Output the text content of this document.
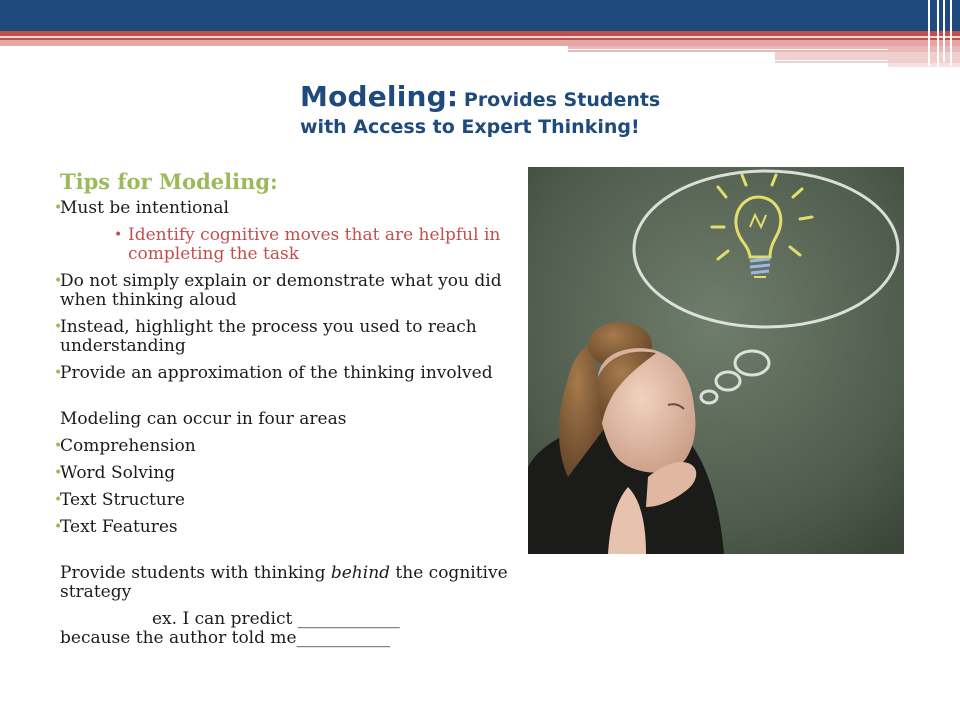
Modeling: Provides Students
with Access to Expert Thinking!
Tips for Modeling:
•
Must be intentional
• Identify cognitive moves that are helpful in completing the task
•
Do not simply explain or demonstrate what you did when thinking aloud
•
Instead, highlight the process you used to reach understanding
•
Provide an approximation of the thinking involved
Modeling can occur in four areas
•
Comprehension
•
Word Solving
•
Text Structure
•
Text Features
Provide students with thinking behind the cognitive strategy
ex. I can predict ____________
because the author told me___________
